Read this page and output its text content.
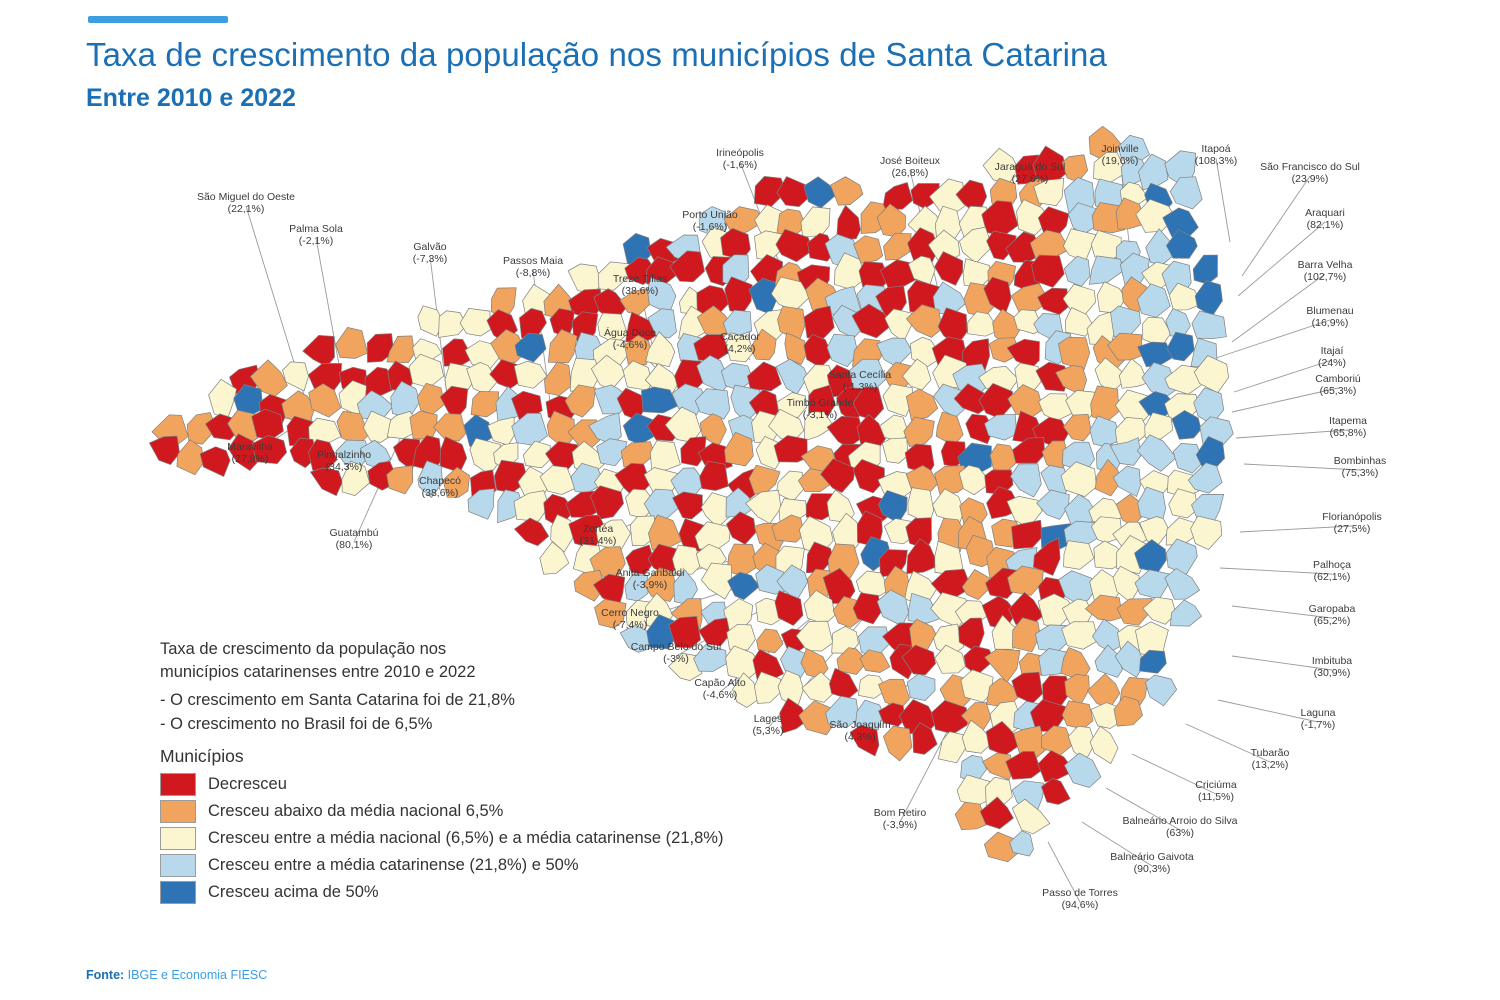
Taxa de crescimento da população nos municípios de Santa Catarina
Entre 2010 e 2022
São Miguel do Oeste
(22,1%)
Palma Sola
(-2,1%)
Galvão
(-7,3%)	Passos Maia
(-8,8%)
Treze Tílias
(38,6%)
Irineópolis
(-1,6%)
Porto União
(-1,6%)
José Boiteux
(26,8%)	Jaraguá do Sul
(27,6%)
Joinville
(19,6%)
Itapoá
(108,3%)
São Francisco do Sul
(23,9%)
Araquari
(82,1%)
Barra Velha
(102,7%)
Blumenau
(16,9%)
Itajaí
(24%)
Camboriú
(65,3%)
Itapema
(65,8%)
Bombinhas
(75,3%)
Florianópolis
(27,5%)
Palhoça
(62,1%)
Garopaba
(65,2%)
Imbituba
(30,9%)
Laguna
(-1,7%)
Tubarão
(13,2%)
Criciúma
(11,5%)
Balneário Arroio do Silva
(63%)
Balneário Gaivota
(90,3%)
Passo de Torres
(94,6%)
Bom Retiro
(-3,9%)
São Joaquim
(4,3%)
Lages
(5,3%)
Capão Alto
(-4,6%)
Campo Belo do Sul
(-3%)
Cerro Negro
(-7,4%)
Anita Garibaldi
(-3,9%)
Zortéa
(31,4%)
Guatambú
(80,1%)
Chapecó
(38,6%)
Pinhalzinho
(34,3%)
Maravilha
(27,8%)
Água Doce
(-4,6%)
Caçador
(4,2%)
Santa Cecília
(-1,3%)
Timbó Grande
(-3,1%)

Taxa de crescimento da população nos
municípios catarinenses entre 2010 e 2022

- O crescimento em Santa Catarina foi de 21,8%
- O crescimento no Brasil foi de 6,5%
Municípios
Decresceu
Cresceu abaixo da média nacional 6,5%
Cresceu entre a média nacional (6,5%) e a média catarinense (21,8%)
Cresceu entre a média catarinense (21,8%) e 50%
Cresceu acima de 50%
Fonte: IBGE e Economia FIESC
